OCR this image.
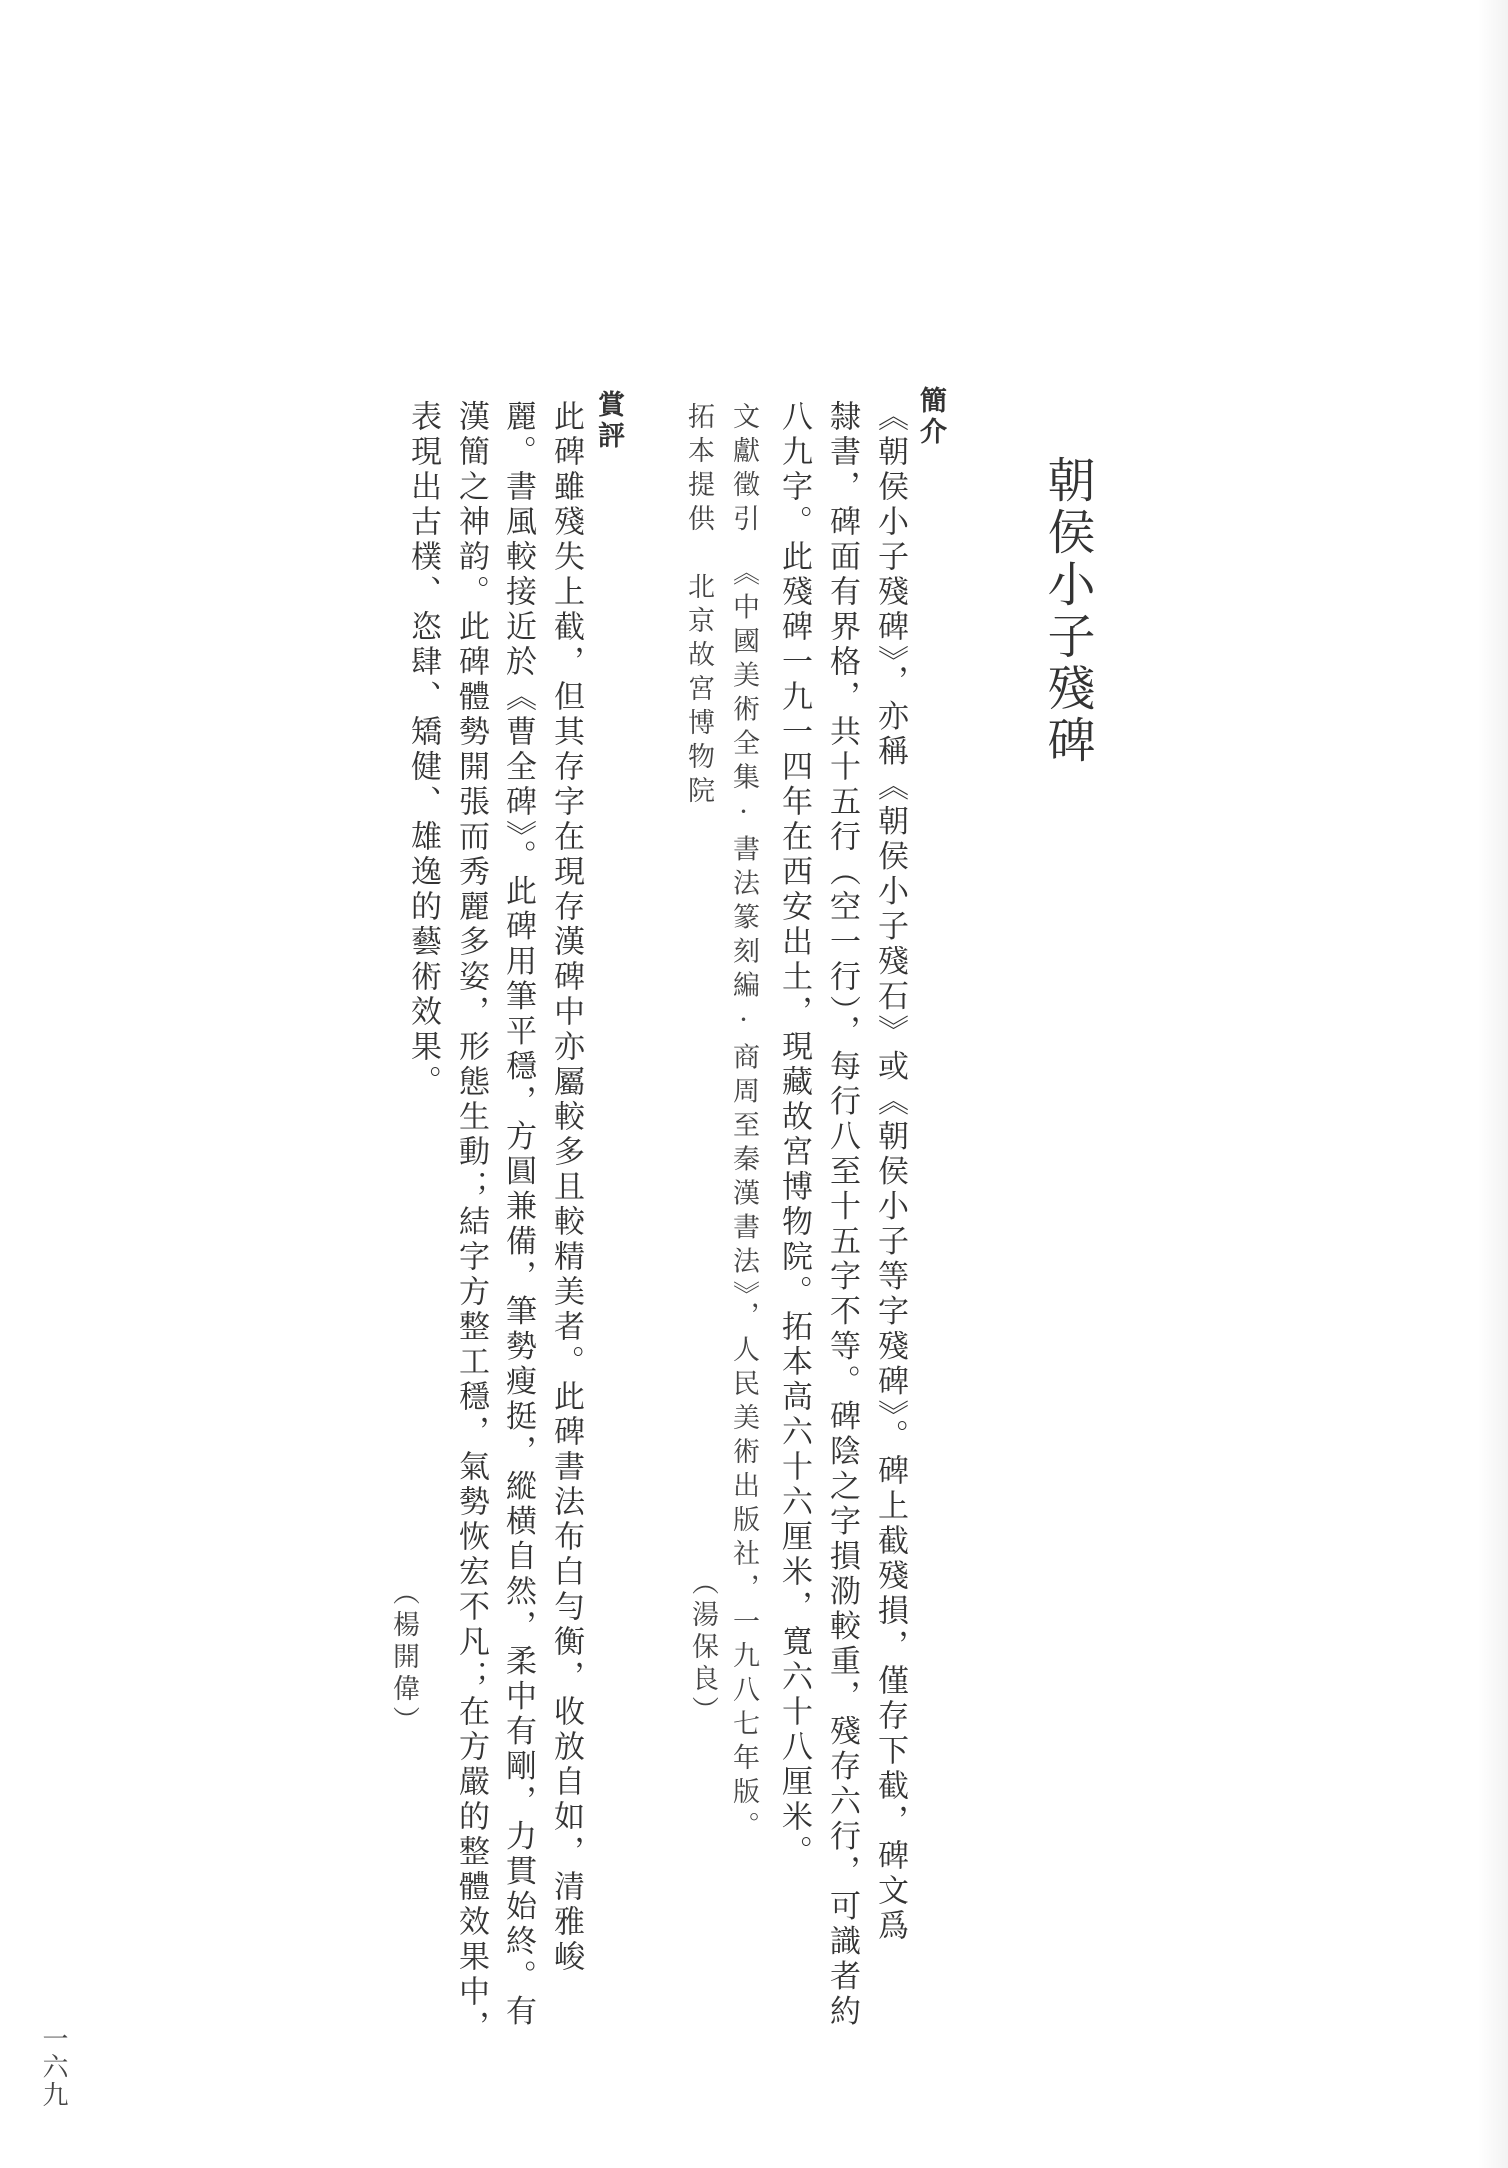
朝侯小子殘碑
簡介
《朝侯小子殘碑》，亦稱《朝侯小子殘石》或《朝侯小子等字殘碑》。碑上截殘損，僅存下截，碑文爲
隸書，碑面有界格，共十五行（空一行），每行八至十五字不等。碑陰之字損泐較重，殘存六行，可識者約
八九字。此殘碑一九一四年在西安出土，現藏故宮博物院。拓本高六十六厘米，寬六十八厘米。
文獻徵引　《中國美術全集·書法篆刻編·商周至秦漢書法》，人民美術出版社，一九八七年版。
拓本提供　北京故宮博物院
（湯保良）
賞評
此碑雖殘失上截，但其存字在現存漢碑中亦屬較多且較精美者。此碑書法布白勻衡，收放自如，清雅峻
麗。書風較接近於《曹全碑》。此碑用筆平穩，方圓兼備，筆勢瘦挺，縱横自然，柔中有剛，力貫始終。有
漢簡之神韵。此碑體勢開張而秀麗多姿，形態生動；結字方整工穩，氣勢恢宏不凡；在方嚴的整體效果中，
表現出古樸、恣肆、矯健、雄逸的藝術效果。
（楊開偉）
一六九
